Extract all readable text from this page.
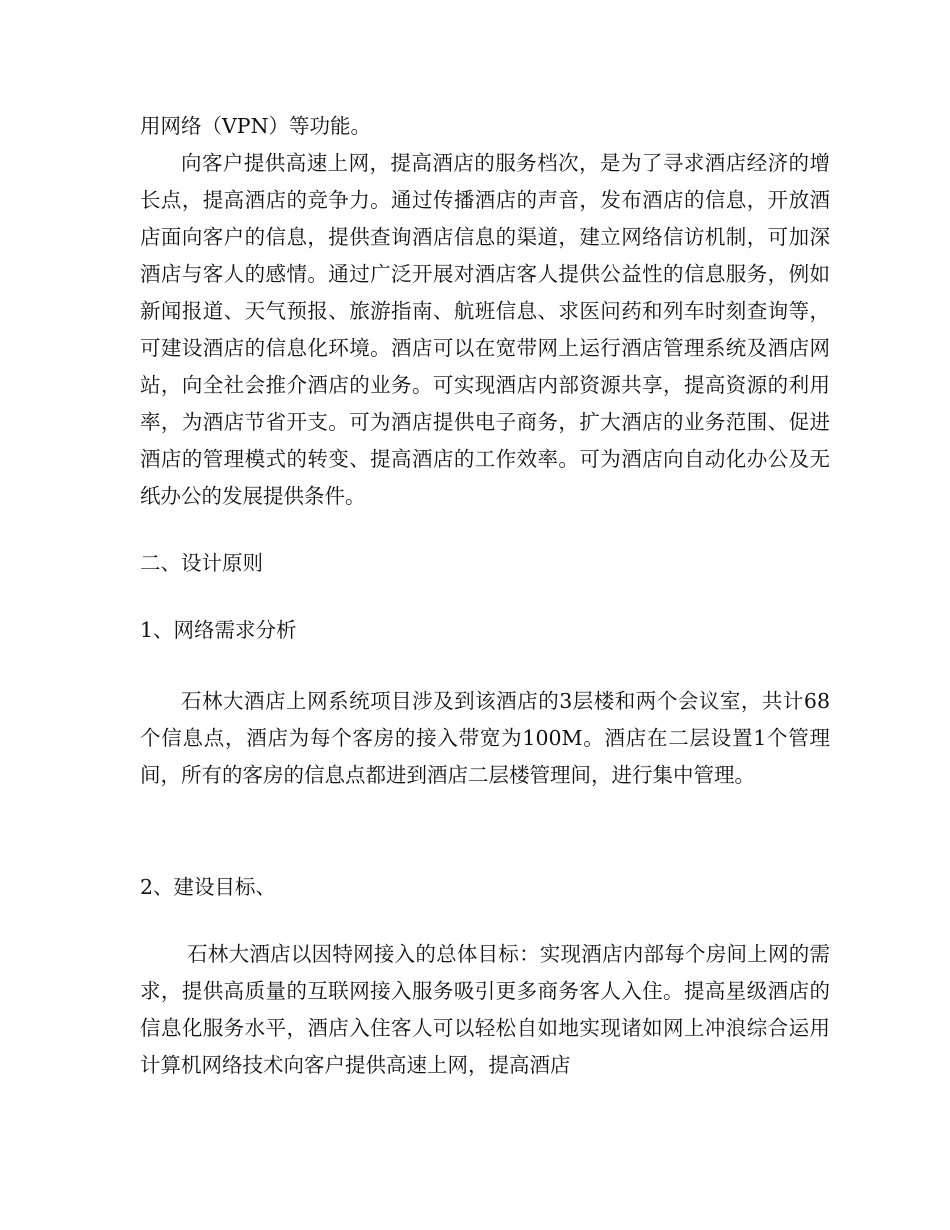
用网络（VPN）等功能。

向客户提供高速上网，提高酒店的服务档次，是为了寻求酒店经济的增长点，提高酒店的竞争力。通过传播酒店的声音，发布酒店的信息，开放酒店面向客户的信息，提供查询酒店信息的渠道，建立网络信访机制，可加深酒店与客人的感情。通过广泛开展对酒店客人提供公益性的信息服务，例如新闻报道、天气预报、旅游指南、航班信息、求医问药和列车时刻查询等，可建设酒店的信息化环境。酒店可以在宽带网上运行酒店管理系统及酒店网站，向全社会推介酒店的业务。可实现酒店内部资源共享，提高资源的利用率，为酒店节省开支。可为酒店提供电子商务，扩大酒店的业务范围、促进酒店的管理模式的转变、提高酒店的工作效率。可为酒店向自动化办公及无纸办公的发展提供条件。

二、设计原则

1、网络需求分析

石林大酒店上网系统项目涉及到该酒店的3层楼和两个会议室，共计68个信息点，酒店为每个客房的接入带宽为100M。酒店在二层设置1个管理间，所有的客房的信息点都进到酒店二层楼管理间，进行集中管理。

2、建设目标、

石林大酒店以因特网接入的总体目标：实现酒店内部每个房间上网的需求，提供高质量的互联网接入服务吸引更多商务客人入住。提高星级酒店的信息化服务水平，酒店入住客人可以轻松自如地实现诸如网上冲浪综合运用计算机网络技术向客户提供高速上网，提高酒店
